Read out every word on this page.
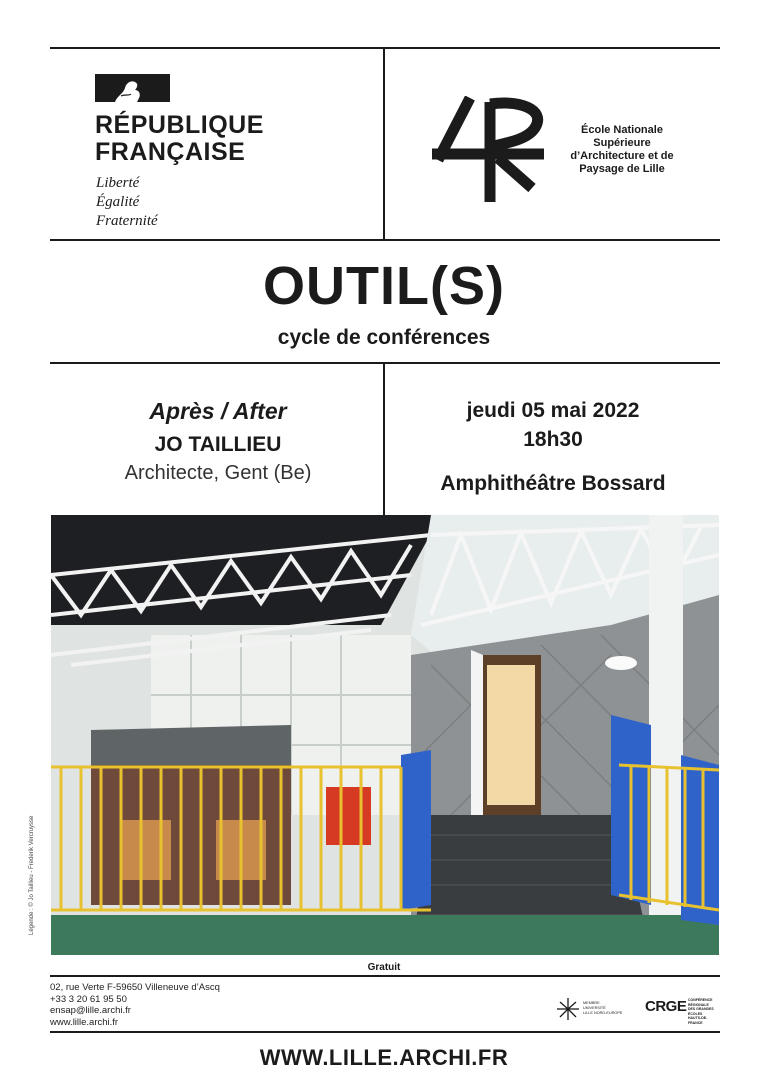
RÉPUBLIQUE
FRANÇAISE
Liberté
Égalité
Fraternité
École Nationale
Supérieure
d’Architecture et de
Paysage de Lille
OUTIL(S)
cycle de conférences
Après / After
JO TAILLIEU
Architecte, Gent (Be)
jeudi 05 mai 2022
18h30
Amphithéâtre Bossard
Légende : © Jo Taillieu - Frederik Vercruysse
Gratuit
02, rue Verte F-59650 Villeneuve d’Ascq
+33 3 20 61 95 50
ensap@lille.archi.fr
www.lille.archi.fr
MEMBRE
UNIVERSITÉ
LILLE NORD-EUROPE CRGE CONFÉRENCE RÉGIONALE
DES GRANDES ÉCOLES
HAUTS-DE-FRANCE
WWW.LILLE.ARCHI.FR
